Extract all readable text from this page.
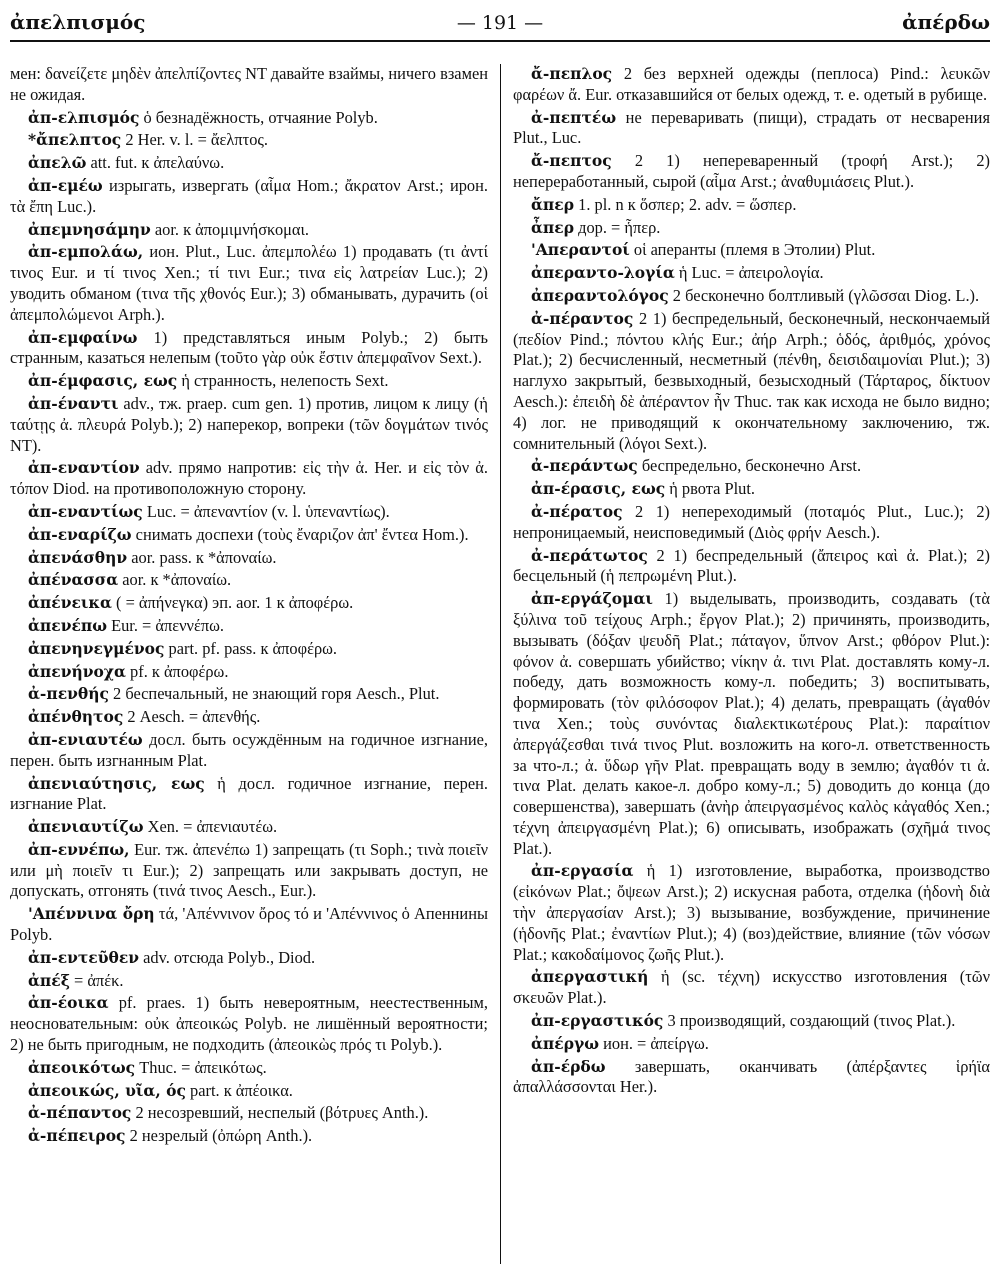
ἀπελπισμός	— 191 —	ἀπέρδω

мен: δανείζετε μηδὲν ἀπελπίζοντες NT давайте взаймы, ничего взамен не ожидая.

ἀπ-ελπισμός ὁ безнадёжность, отчаяние Polyb.

*ἄπελπτος 2 Her. v. l. = ἄελπτος.

ἀπελῶ att. fut. к ἀπελαύνω.

ἀπ-εμέω изрыгать, извергать (αἷμα Hom.; ἄκρατον Arst.; ирон. τὰ ἔπη Luc.).

ἀπεμνησάμην aor. к ἀπομιμνήσκομαι.

ἀπ-εμπολάω, ион. Plut., Luc. ἀπεμπολέω 1) продавать (τι ἀντί τινος Eur. и τί τινος Xen.; τί τινι Eur.; τινα εἰς λατρείαν Luc.); 2) уводить обманом (τινα τῆς χθονός Eur.); 3) обманывать, дурачить (οἱ ἀπεμπολώμενοι Arph.).

ἀπ-εμφαίνω 1) представляться иным Polyb.; 2) быть странным, казаться нелепым (τοῦτο γὰρ οὐκ ἔστιν ἀπεμφαῖνον Sext.).

ἀπ-έμφασις, εως ἡ странность, нелепость Sext.

ἀπ-έναντι adv., тж. praep. cum gen. 1) против, лицом к лицу (ἡ ταύτῃς ἀ. πλευρά Polyb.); 2) наперекор, вопреки (τῶν δογμάτων τινός NT).

ἀπ-εναντίον adv. прямо напротив: εἰς τὴν ἀ. Her. и εἰς τὸν ἀ. τόπον Diod. на противоположную сторону.

ἀπ-εναντίως Luc. = ἀπεναντίον (v. l. ὑπεναντίως).

ἀπ-εναρίζω снимать доспехи (τοὺς ἔναριζον ἀπ' ἔντεα Hom.).

ἀπενάσθην aor. pass. к *ἀποναίω.

ἀπένασσα aor. к *ἀποναίω.

ἀπένεικα ( = ἀπήνεγκα) эп. aor. 1 к ἀποφέρω.

ἀπενέπω Eur. = ἀπεννέπω.

ἀπενηνεγμένος part. pf. pass. к ἀποφέρω.

ἀπενήνοχα pf. к ἀποφέρω.

ἀ-πενθής 2 беспечальный, не знающий горя Aesch., Plut.

ἀπένθητος 2 Aesch. = ἀπενθής.

ἀπ-ενιαυτέω досл. быть осуждённым на годичное изгнание, перен. быть изгнанным Plat.

ἀπενιαύτησις, εως ἡ досл. годичное изгнание, перен. изгнание Plat.

ἀπενιαυτίζω Xen. = ἀπενιαυτέω.

ἀπ-εννέπω, Eur. тж. ἀπενέπω 1) запрещать (τι Soph.; τινὰ ποιεῖν или μὴ ποιεῖν τι Eur.); 2) запрещать или закрывать доступ, не допускать, отгонять (τινά τινος Aesch., Eur.).

'Απέννινα ὄρη τά, 'Απέννινον ὄρος τό и 'Απέννινος ὁ Апеннины Polyb.

ἀπ-εντεῦθεν adv. отсюда Polyb., Diod.

ἀπέξ = ἀπέκ.

ἀπ-έοικα pf. praes. 1) быть невероятным, неестественным, неосновательным: οὐκ ἀπεοικώς Polyb. не лишённый вероятности; 2) не быть пригодным, не подходить (ἀπεοικὼς πρός τι Polyb.).

ἀπεοικότως Thuc. = ἀπεικότως.

ἀπεοικώς, υῖα, ός part. к ἀπέοικα.

ἀ-πέπαντος 2 несозревший, неспелый (βότρυες Anth.).

ἀ-πέπειρος 2 незрелый (ὀπώρη Anth.).

ἄ-πεπλος 2 без верхней одежды (пеплоса) Pind.: λευκῶν φαρέων ἄ. Eur. отказавшийся от белых одежд, т. е. одетый в рубище.

ἀ-πεπτέω не переваривать (пищи), страдать от несварения Plut., Luc.

ἄ-πεπτος 2 1) непереваренный (τροφή Arst.); 2) непереработанный, сырой (αἷμα Arst.; ἀναθυμιάσεις Plut.).

ἄπερ 1. pl. n к ὅσπερ; 2. adv. = ὥσπερ.

ἆπερ дор. = ἧπερ.

'Απεραντοί οἱ аперанты (племя в Этолии) Plut.

ἀπεραντο-λογία ἡ Luc. = ἀπειρολογία.

ἀπεραντολόγος 2 бесконечно болтливый (γλῶσσαι Diog. L.).

ἀ-πέραντος 2 1) беспредельный, бесконечный, нескончаемый (πεδίον Pind.; πόντου κλής Eur.; ἀήρ Arph.; ὁδός, ἀριθμός, χρόνος Plat.); 2) бесчисленный, несметный (πένθη, δεισιδαιμονίαι Plut.); 3) наглухо закрытый, безвыходный, безысходный (Τάρταρος, δίκτυον Aesch.): ἐπειδὴ δὲ ἀπέραντον ἦν Thuc. так как исхода не было видно; 4) лог. не приводящий к окончательному заключению, тж. сомнительный (λόγοι Sext.).

ἀ-περάντως беспредельно, бесконечно Arst.

ἀπ-έρασις, εως ἡ рвота Plut.

ἀ-πέρατος 2 1) непереходимый (ποταμός Plut., Luc.); 2) непроницаемый, неисповедимый (Διὸς φρήν Aesch.).

ἀ-περάτωτος 2 1) беспредельный (ἄπειρος καὶ ἀ. Plat.); 2) бесцельный (ἡ πεπρωμένη Plut.).

ἀπ-εργάζομαι 1) выделывать, производить, создавать (τὰ ξύλινα τοῦ τείχους Arph.; ἔργον Plat.); 2) причинять, производить, вызывать (δόξαν ψευδῆ Plat.; πάταγον, ὕπνον Arst.; φθόρον Plut.): φόνον ἀ. совершать убийство; νίκην ἀ. τινι Plat. доставлять кому-л. победу, дать возможность кому-л. победить; 3) воспитывать, формировать (τὸν φιλόσοφον Plat.); 4) делать, превращать (ἀγαθόν τινα Xen.; τοὺς συνόντας διαλεκτικωτέρους Plat.): παραίτιον ἀπεργάζεσθαι τινά τινος Plut. возложить на кого-л. ответственность за что-л.; ἀ. ὕδωρ γῆν Plat. превращать воду в землю; ἀγαθόν τι ἀ. τινα Plat. делать какое-л. добро кому-л.; 5) доводить до конца (до совершенства), завершать (ἀνὴρ ἀπειργασμένος καλὸς κἀγαθός Xen.; τέχνη ἀπειργασμένη Plat.); 6) описывать, изображать (σχῆμά τινος Plat.).

ἀπ-εργασία ἡ 1) изготовление, выработка, производство (εἰκόνων Plat.; ὄψεων Arst.); 2) искусная работа, отделка (ἡδονὴ διὰ τὴν ἀπεργασίαν Arst.); 3) вызывание, возбуждение, причинение (ἡδονῆς Plat.; ἐναντίων Plut.); 4) (воз)действие, влияние (τῶν νόσων Plat.; κακοδαίμονος ζωῆς Plut.).

ἀπεργαστική ἡ (sc. τέχνη) искусство изготовления (τῶν σκευῶν Plat.).

ἀπ-εργαστικός 3 производящий, создающий (τινος Plat.).

ἀπέργω ион. = ἀπείργω.

ἀπ-έρδω завершать, оканчивать (ἀπέρξαντες ἱρήϊα ἀπαλλάσσονται Her.).
